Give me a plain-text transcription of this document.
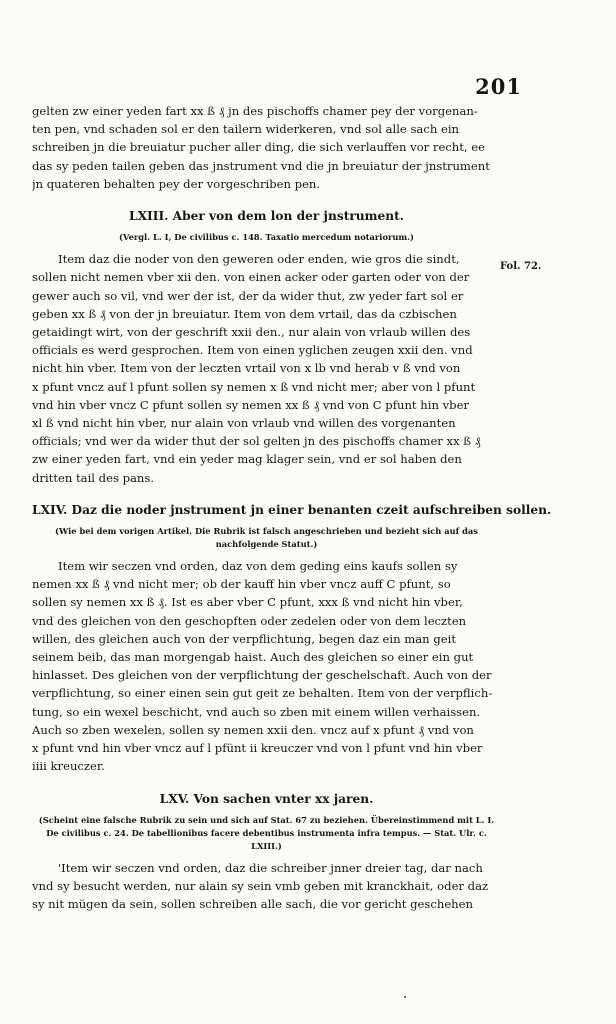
201

gelten zw einer yeden fart xx ß ₰ jn des pischoffs chamer pey der vorgenan-
ten pen, vnd schaden sol er den tailern widerkeren, vnd sol alle sach ein
schreiben jn die breuiatur pucher aller ding, die sich verlauffen vor recht, ee
das sy peden tailen geben das jnstrument vnd die jn breuiatur der jnstrument
jn quateren behalten pey der vorgeschriben pen.

LXIII. Aber von dem lon der jnstrument.
(Vergl. L. I, De civilibus c. 148. Taxatio mercedum notariorum.)

Item daz die noder von den geweren oder enden, wie gros die sindt,
sollen nicht nemen vber xii den. von einen acker oder garten oder von der
gewer auch so vil, vnd wer der ist, der da wider thut, zw yeder fart sol er
geben xx ß ₰ von der jn breuiatur. Item von dem vrtail, das da czbischen
getaidingt wirt, von der geschrift xxii den., nur alain von vrlaub willen des
officials es werd gesprochen. Item von einen yglichen zeugen xxii den. vnd
nicht hin vber. Item von der leczten vrtail von x lb vnd herab v ß vnd von
x pfunt vncz auf l pfunt sollen sy nemen x ß vnd nicht mer; aber von l pfunt
vnd hin vber vncz C pfunt sollen sy nemen xx ß ₰ vnd von C pfunt hin vber
xl ß vnd nicht hin vber, nur alain von vrlaub vnd willen des vorgenanten
officials; vnd wer da wider thut der sol gelten jn des pischoffs chamer xx ß ₰
zw einer yeden fart, vnd ein yeder mag klager sein, vnd er sol haben den
dritten tail des pans.

LXIV. Daz die noder jnstrument jn einer benanten czeit aufschreiben sollen.
(Wie bei dem vorigen Artikel. Die Rubrik ist falsch angeschrieben und bezieht sich auf das nachfolgende Statut.)

Item wir seczen vnd orden, daz von dem geding eins kaufs sollen sy
nemen xx ß ₰ vnd nicht mer; ob der kauff hin vber vncz auff C pfunt, so
sollen sy nemen xx ß ₰. Ist es aber vber C pfunt, xxx ß vnd nicht hin vber,
vnd des gleichen von den geschopften oder zedelen oder von dem leczten
willen, des gleichen auch von der verpflichtung, begen daz ein man geit
seinem beib, das man morgengab haist. Auch des gleichen so einer ein gut
hinlasset. Des gleichen von der verpflichtung der geschelschaft. Auch von der
verpflichtung, so einer einen sein gut geit ze behalten. Item von der verpflich-
tung, so ein wexel beschicht, vnd auch so zben mit einem willen verhaissen.
Auch so zben wexelen, sollen sy nemen xxii den. vncz auf x pfunt ₰ vnd von
x pfunt vnd hin vber vncz auf l pfünt ii kreuczer vnd von l pfunt vnd hin vber
iiii kreuczer.

LXV. Von sachen vnter xx jaren.
(Scheint eine falsche Rubrik zu sein und sich auf Stat. 67 zu beziehen. Übereinstimmend mit L. I. De civilibus c. 24. De tabellionibus facere debentibus instrumenta infra tempus. — Stat. Ulr. c. LXIII.)

'Item wir seczen vnd orden, daz die schreiber jnner dreier tag, dar nach
vnd sy besucht werden, nur alain sy sein vmb geben mit kranckhait, oder daz
sy nit mügen da sein, sollen schreiben alle sach, die vor gericht geschehen

Fol. 72.
